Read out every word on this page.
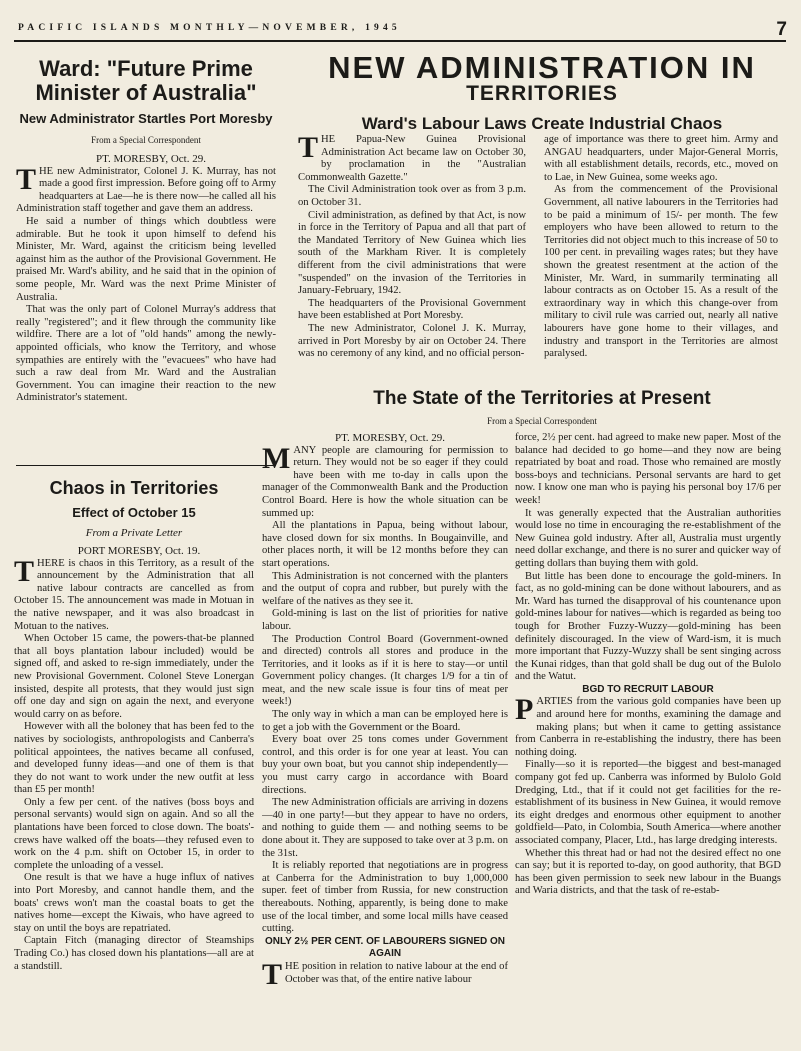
PACIFIC ISLANDS MONTHLY—NOVEMBER, 1945	7
Ward: "Future Prime Minister of Australia"
New Administrator Startles Port Moresby

From a Special Correspondent

PT. MORESBY, Oct. 29.

THE new Administrator, Colonel J. K. Murray, has not made a good first impression. Before going off to Army headquarters at Lae—he is there now—he called all his Administration staff together and gave them an address.

He said a number of things which doubtless were admirable. But he took it upon himself to defend his Minister, Mr. Ward, against the criticism being levelled against him as the author of the Provisional Government. He praised Mr. Ward's ability, and he said that in the opinion of some people, Mr. Ward was the next Prime Minister of Australia.

That was the only part of Colonel Murray's address that really "registered"; and it flew through the community like wildfire. There are a lot of "old hands" among the newly-appointed officials, who know the Territory, and whose sympathies are entirely with the "evacuees" who have had such a raw deal from Mr. Ward and the Australian Government. You can imagine their reaction to the new Administrator's statement.

NEW ADMINISTRATION IN
TERRITORIES
Ward's Labour Laws Create Industrial Chaos

THE Papua-New Guinea Provisional Administration Act became law on October 30, by proclamation in the "Australian Commonwealth Gazette."

The Civil Administration took over as from 3 p.m. on October 31.

Civil administration, as defined by that Act, is now in force in the Territory of Papua and all that part of the Mandated Territory of New Guinea which lies south of the Markham River. It is completely different from the civil administrations that were "suspended" on the invasion of the Territories in January-February, 1942.

The headquarters of the Provisional Government have been established at Port Moresby.

The new Administrator, Colonel J. K. Murray, arrived in Port Moresby by air on October 24. There was no ceremony of any kind, and no official person-

age of importance was there to greet him. Army and ANGAU headquarters, under Major-General Morris, with all establishment details, records, etc., moved on to Lae, in New Guinea, some weeks ago.

As from the commencement of the Provisional Government, all native labourers in the Territories had to be paid a minimum of 15/- per month. The few employers who have been allowed to return to the Territories did not object much to this increase of 50 to 100 per cent. in prevailing wages rates; but they have shown the greatest resentment at the action of the Minister, Mr. Ward, in summarily terminating all labour contracts as on October 15. As a result of the extraordinary way in which this change-over from military to civil rule was carried out, nearly all native labourers have gone home to their villages, and industry and transport in the Territories are almost paralysed.

The State of the Territories at Present

From a Special Correspondent

PT. MORESBY, Oct. 29.

MANY people are clamouring for permission to return. They would not be so eager if they could have been with me to-day in calls upon the manager of the Commonwealth Bank and the Production Control Board. Here is how the whole situation can be summed up:

All the plantations in Papua, being without labour, have closed down for six months. In Bougainville, and other places north, it will be 12 months before they can start operations.

This Administration is not concerned with the planters and the output of copra and rubber, but purely with the welfare of the natives as they see it.

Gold-mining is last on the list of priorities for native labour.

The Production Control Board (Government-owned and directed) controls all stores and produce in the Territories, and it looks as if it is here to stay—or until Government policy changes. (It charges 1/9 for a tin of meat, and the new scale issue is four tins of meat per week!)

The only way in which a man can be employed here is to get a job with the Government or the Board.

Every boat over 25 tons comes under Government control, and this order is for one year at least. You can buy your own boat, but you cannot ship independently—you must carry cargo in accordance with Board directions.

The new Administration officials are arriving in dozens—40 in one party!—but they appear to have no orders, and nothing to guide them — and nothing seems to be done about it. They are supposed to take over at 3 p.m. on the 31st.

It is reliably reported that negotiations are in progress at Canberra for the Administration to buy 1,000,000 super. feet of timber from Russia, for new construction thereabouts. Nothing, apparently, is being done to make use of the local timber, and some local mills have ceased cutting.

ONLY 2½ PER CENT. OF LABOURERS SIGNED ON AGAIN

THE position in relation to native labour at the end of October was that, of the entire native labour

force, 2½ per cent. had agreed to make new paper. Most of the balance had decided to go home—and they now are being repatriated by boat and road. Those who remained are mostly boss-boys and technicians. Personal servants are hard to get now. I know one man who is paying his personal boy 17/6 per week!

It was generally expected that the Australian authorities would lose no time in encouraging the re-establishment of the New Guinea gold industry. After all, Australia must urgently need dollar exchange, and there is no surer and quicker way of getting dollars than buying them with gold.

But little has been done to encourage the gold-miners. In fact, as no gold-mining can be done without labourers, and as Mr. Ward has turned the disapproval of his countenance upon gold-mines labour for natives—which is regarded as being too tough for Brother Fuzzy-Wuzzy—gold-mining has been definitely discouraged. In the view of Ward-ism, it is much more important that Fuzzy-Wuzzy shall be sent singing across the Kunai ridges, than that gold shall be dug out of the Bulolo and the Watut.

BGD TO RECRUIT LABOUR

PARTIES from the various gold companies have been up and around here for months, examining the damage and making plans; but when it came to getting assistance from Canberra in re-establishing the industry, there has been nothing doing.

Finally—so it is reported—the biggest and best-managed company got fed up. Canberra was informed by Bulolo Gold Dredging, Ltd., that if it could not get facilities for the re-establishment of its business in New Guinea, it would remove its eight dredges and enormous other equipment to another goldfield—Pato, in Colombia, South America—where another associated company, Placer, Ltd., has large dredging interests.

Whether this threat had or had not the desired effect no one can say; but it is reported to-day, on good authority, that BGD has been given permission to seek new labour in the Buangs and Waria districts, and that the task of re-estab-

Chaos in Territories
Effect of October 15

From a Private Letter

PORT MORESBY, Oct. 19.

THERE is chaos in this Territory, as a result of the announcement by the Administration that all native labour contracts are cancelled as from October 15. The announcement was made in Motuan in the native newspaper, and it was also broadcast in Motuan to the natives.

When October 15 came, the powers-that-be planned that all boys plantation labour included) would be signed off, and asked to re-sign immediately, under the new Provisional Government. Colonel Steve Lonergan insisted, despite all protests, that they would just sign off one day and sign on again the next, and everyone would carry on as before.

However with all the boloney that has been fed to the natives by sociologists, anthropologists and Canberra's political appointees, the natives became all confused, and developed funny ideas—and one of them is that they do not want to work under the new outfit at less than £5 per month!

Only a few per cent. of the natives (boss boys and personal servants) would sign on again. And so all the plantations have been forced to close down. The boats'-crews have walked off the boats—they refused even to work on the 4 p.m. shift on October 15, in order to complete the unloading of a vessel.

One result is that we have a huge influx of natives into Port Moresby, and cannot handle them, and the boats' crews won't man the coastal boats to get the natives home—except the Kiwais, who have agreed to stay on until the boys are repatriated.

Captain Fitch (managing director of Steamships Trading Co.) has closed down his plantations—all are at a standstill.
